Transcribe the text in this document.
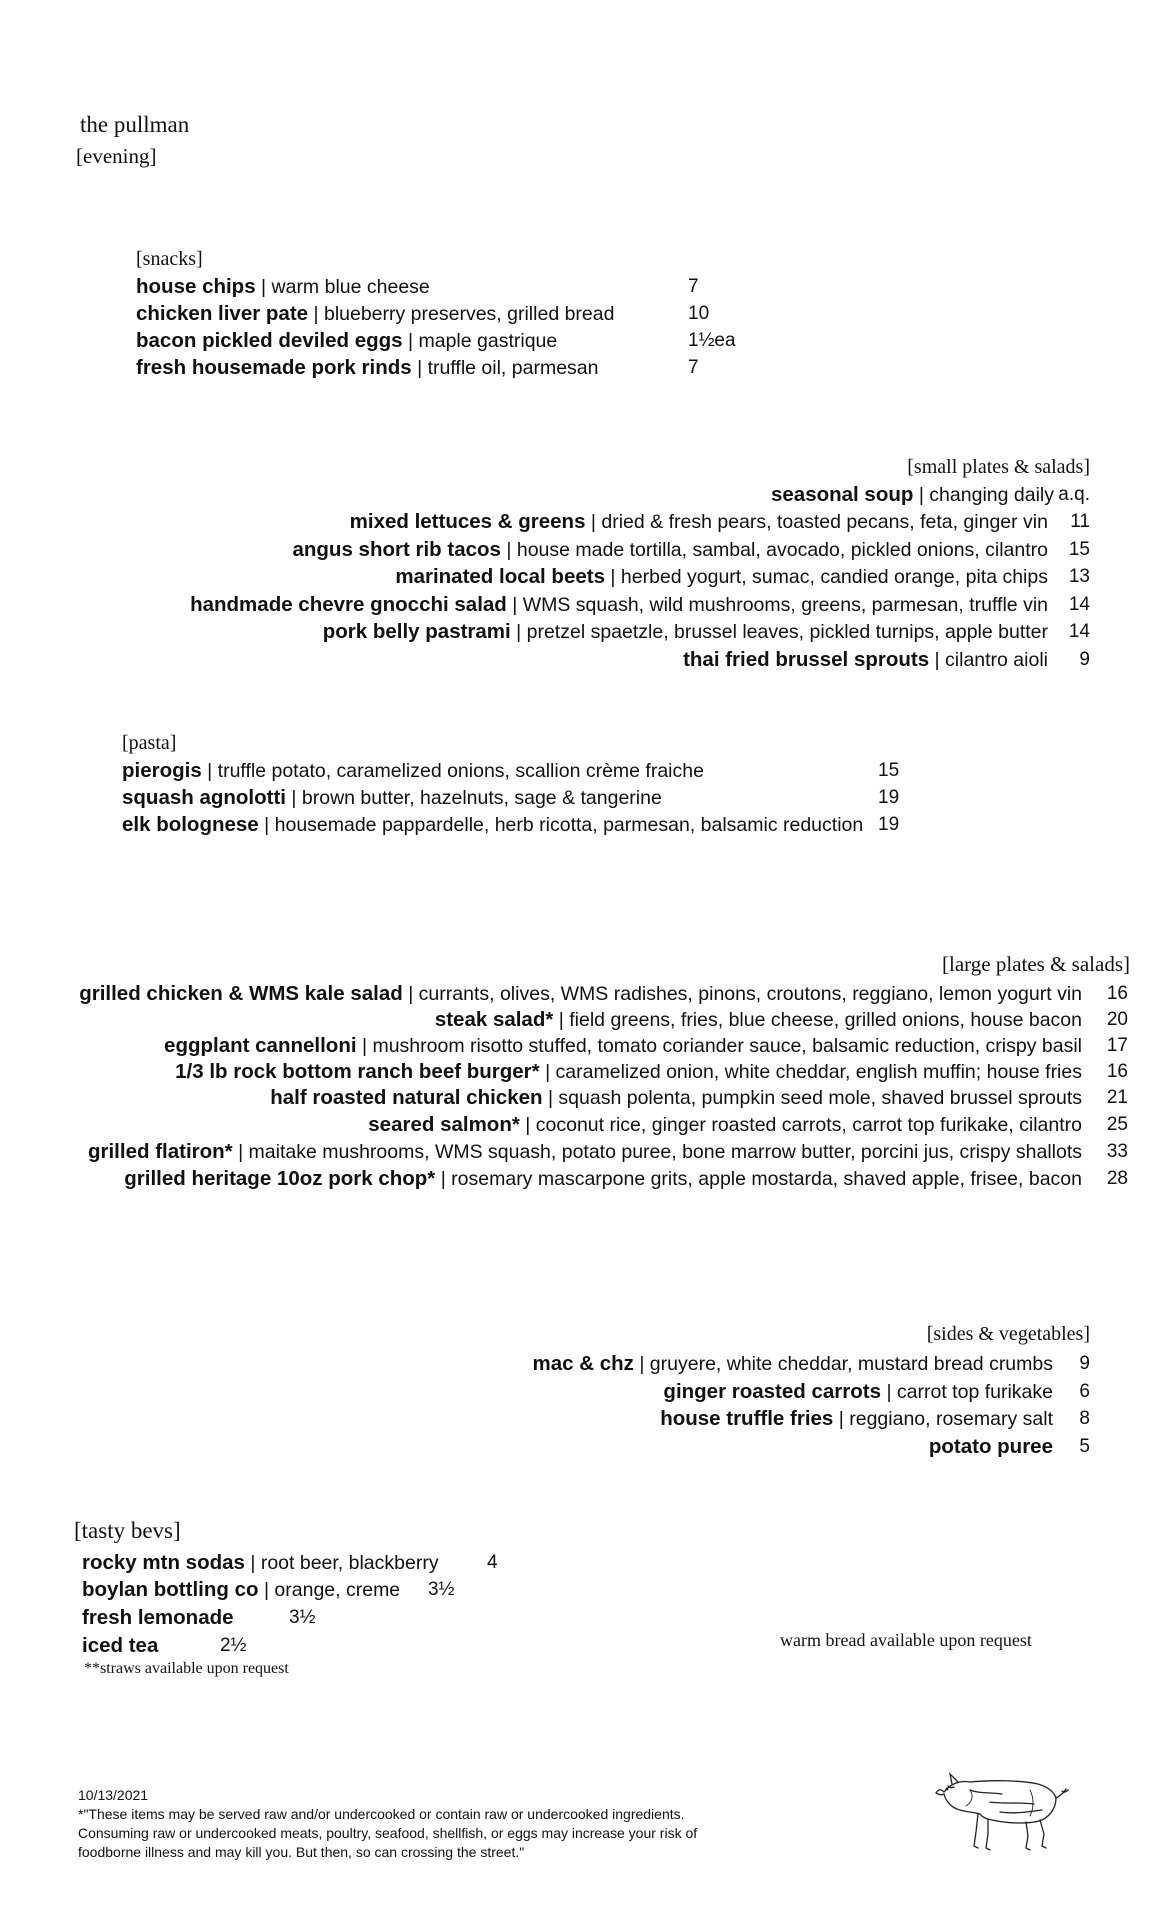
the pullman
[evening]
[snacks]
house chips | warm blue cheese	7
chicken liver pate | blueberry preserves, grilled bread	10
bacon pickled deviled eggs | maple gastrique	1½ea
fresh housemade pork rinds | truffle oil, parmesan	7
[small plates & salads]
seasonal soup | changing daily a.q.
mixed lettuces & greens | dried & fresh pears, toasted pecans, feta, ginger vin 11
angus short rib tacos | house made tortilla, sambal, avocado, pickled onions, cilantro 15
marinated local beets | herbed yogurt, sumac, candied orange, pita chips 13
handmade chevre gnocchi salad | WMS squash, wild mushrooms, greens, parmesan, truffle vin 14
pork belly pastrami | pretzel spaetzle, brussel leaves, pickled turnips, apple butter 14
thai fried brussel sprouts | cilantro aioli 9
[pasta]
pierogis | truffle potato, caramelized onions, scallion crème fraiche	15
squash agnolotti | brown butter, hazelnuts, sage & tangerine	19
elk bolognese | housemade pappardelle, herb ricotta, parmesan, balsamic reduction 19
[large plates & salads]
grilled chicken & WMS kale salad | currants, olives, WMS radishes, pinons, croutons, reggiano, lemon yogurt vin 16
steak salad* | field greens, fries, blue cheese, grilled onions, house bacon 20
eggplant cannelloni | mushroom risotto stuffed, tomato coriander sauce, balsamic reduction, crispy basil 17
1/3 lb rock bottom ranch beef burger* | caramelized onion, white cheddar, english muffin; house fries 16
half roasted natural chicken | squash polenta, pumpkin seed mole, shaved brussel sprouts 21
seared salmon* | coconut rice, ginger roasted carrots, carrot top furikake, cilantro 25
grilled flatiron* | maitake mushrooms, WMS squash, potato puree, bone marrow butter, porcini jus, crispy shallots 33
grilled heritage 10oz pork chop* | rosemary mascarpone grits, apple mostarda, shaved apple, frisee, bacon 28
[sides & vegetables]
mac & chz | gruyere, white cheddar, mustard bread crumbs 9
ginger roasted carrots | carrot top furikake 6
house truffle fries | reggiano, rosemary salt 8
potato puree 5
[tasty bevs]
rocky mtn sodas | root beer, blackberry	4
boylan bottling co | orange, creme 3½
fresh lemonade	3½
iced tea	2½
**straws available upon request
warm bread available upon request
10/13/2021
*"These items may be served raw and/or undercooked or contain raw or undercooked ingredients.
Consuming raw or undercooked meats, poultry, seafood, shellfish, or eggs may increase your risk of
foodborne illness and may kill you. But then, so can crossing the street."
